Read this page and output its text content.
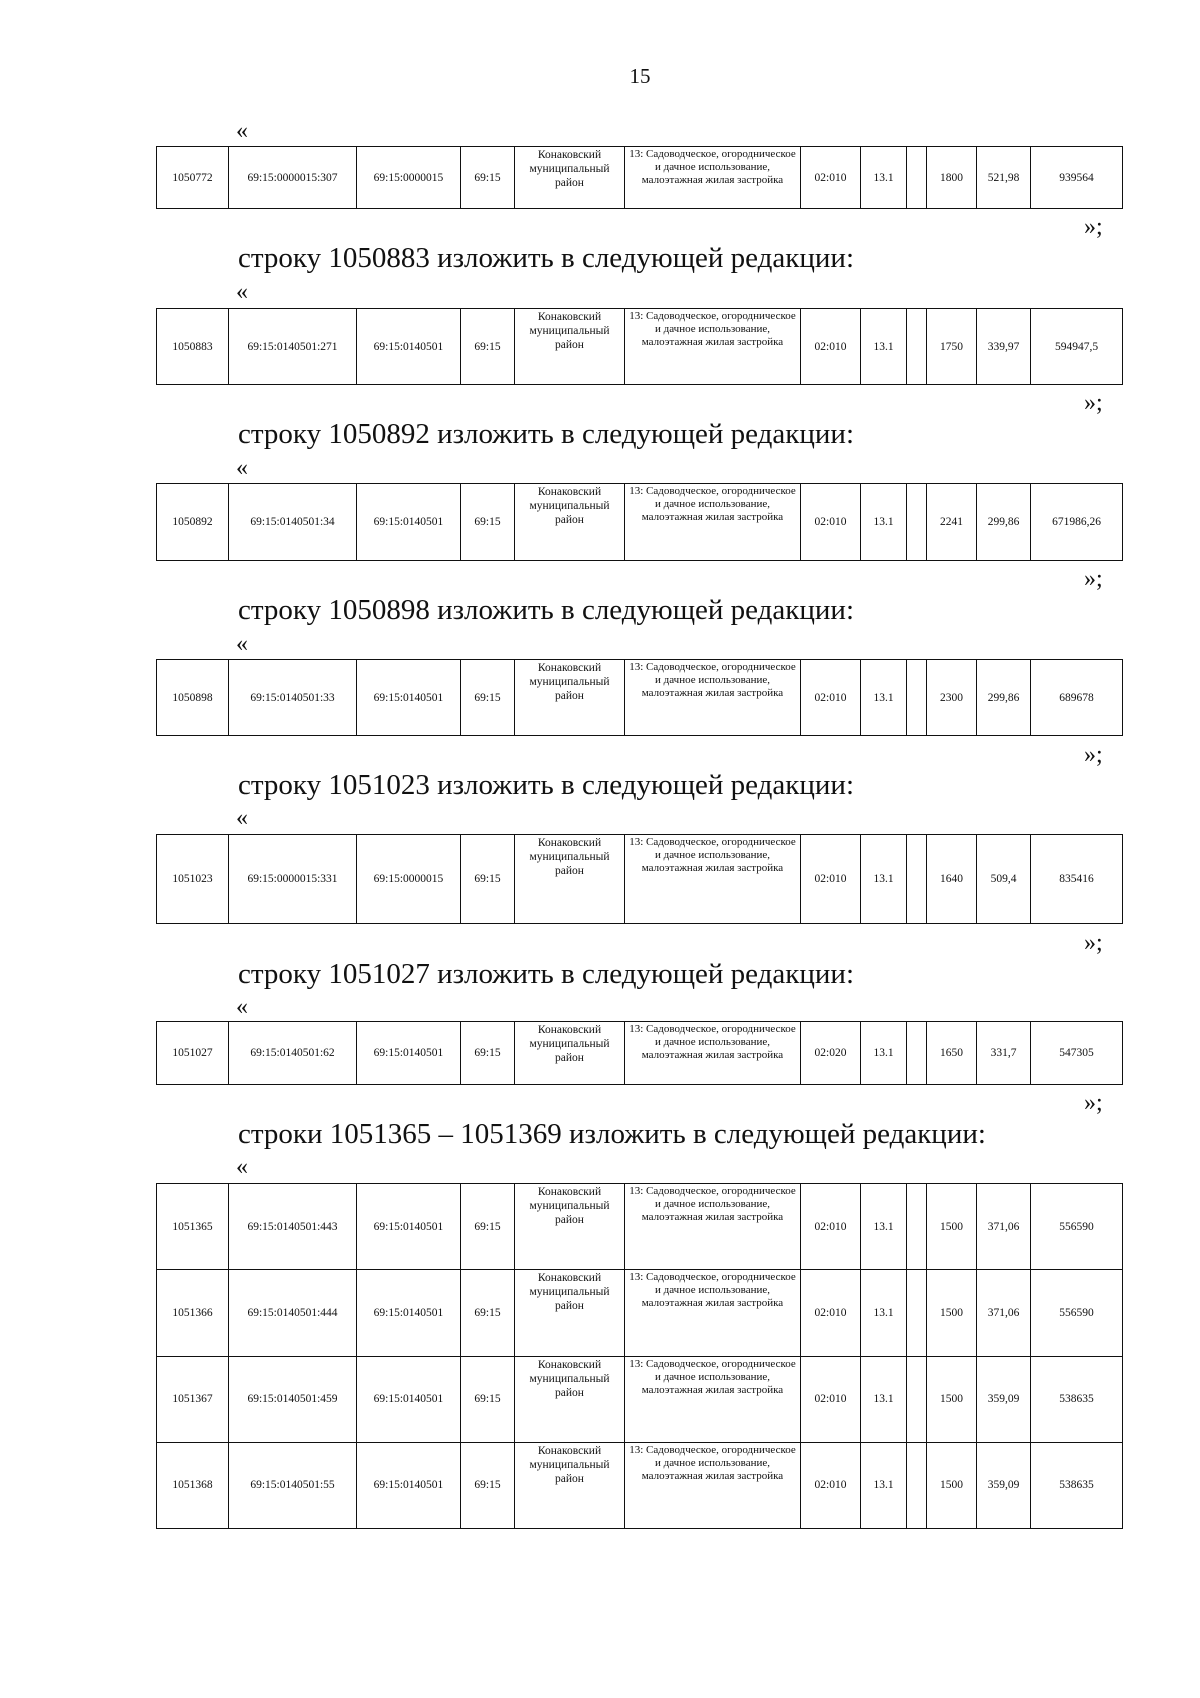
15
«
1050772	69:15:0000015:307	69:15:0000015	69:15	Конаковский муниципальный район	13: Садоводческое, огородническое и дачное использование, малоэтажная жилая застройка	02:010	13.1		1800	521,98	939564
»;
строку 1050883 изложить в следующей редакции:
«
1050883	69:15:0140501:271	69:15:0140501	69:15	Конаковский муниципальный район	13: Садоводческое, огородническое и дачное использование, малоэтажная жилая застройка	02:010	13.1		1750	339,97	594947,5
»;
строку 1050892 изложить в следующей редакции:
«
1050892	69:15:0140501:34	69:15:0140501	69:15	Конаковский муниципальный район	13: Садоводческое, огородническое и дачное использование, малоэтажная жилая застройка	02:010	13.1		2241	299,86	671986,26
»;
строку 1050898 изложить в следующей редакции:
«
1050898	69:15:0140501:33	69:15:0140501	69:15	Конаковский муниципальный район	13: Садоводческое, огородническое и дачное использование, малоэтажная жилая застройка	02:010	13.1		2300	299,86	689678
»;
строку 1051023 изложить в следующей редакции:
«
1051023	69:15:0000015:331	69:15:0000015	69:15	Конаковский муниципальный район	13: Садоводческое, огородническое и дачное использование, малоэтажная жилая застройка	02:010	13.1		1640	509,4	835416
»;
строку 1051027 изложить в следующей редакции:
«
1051027	69:15:0140501:62	69:15:0140501	69:15	Конаковский муниципальный район	13: Садоводческое, огородническое и дачное использование, малоэтажная жилая застройка	02:020	13.1		1650	331,7	547305
»;
строки 1051365 – 1051369 изложить в следующей редакции:
«
1051365	69:15:0140501:443	69:15:0140501	69:15	Конаковский муниципальный район	13: Садоводческое, огородническое и дачное использование, малоэтажная жилая застройка	02:010	13.1		1500	371,06	556590
1051366	69:15:0140501:444	69:15:0140501	69:15	Конаковский муниципальный район	13: Садоводческое, огородническое и дачное использование, малоэтажная жилая застройка	02:010	13.1		1500	371,06	556590
1051367	69:15:0140501:459	69:15:0140501	69:15	Конаковский муниципальный район	13: Садоводческое, огородническое и дачное использование, малоэтажная жилая застройка	02:010	13.1		1500	359,09	538635
1051368	69:15:0140501:55	69:15:0140501	69:15	Конаковский муниципальный район	13: Садоводческое, огородническое и дачное использование, малоэтажная жилая застройка	02:010	13.1		1500	359,09	538635
